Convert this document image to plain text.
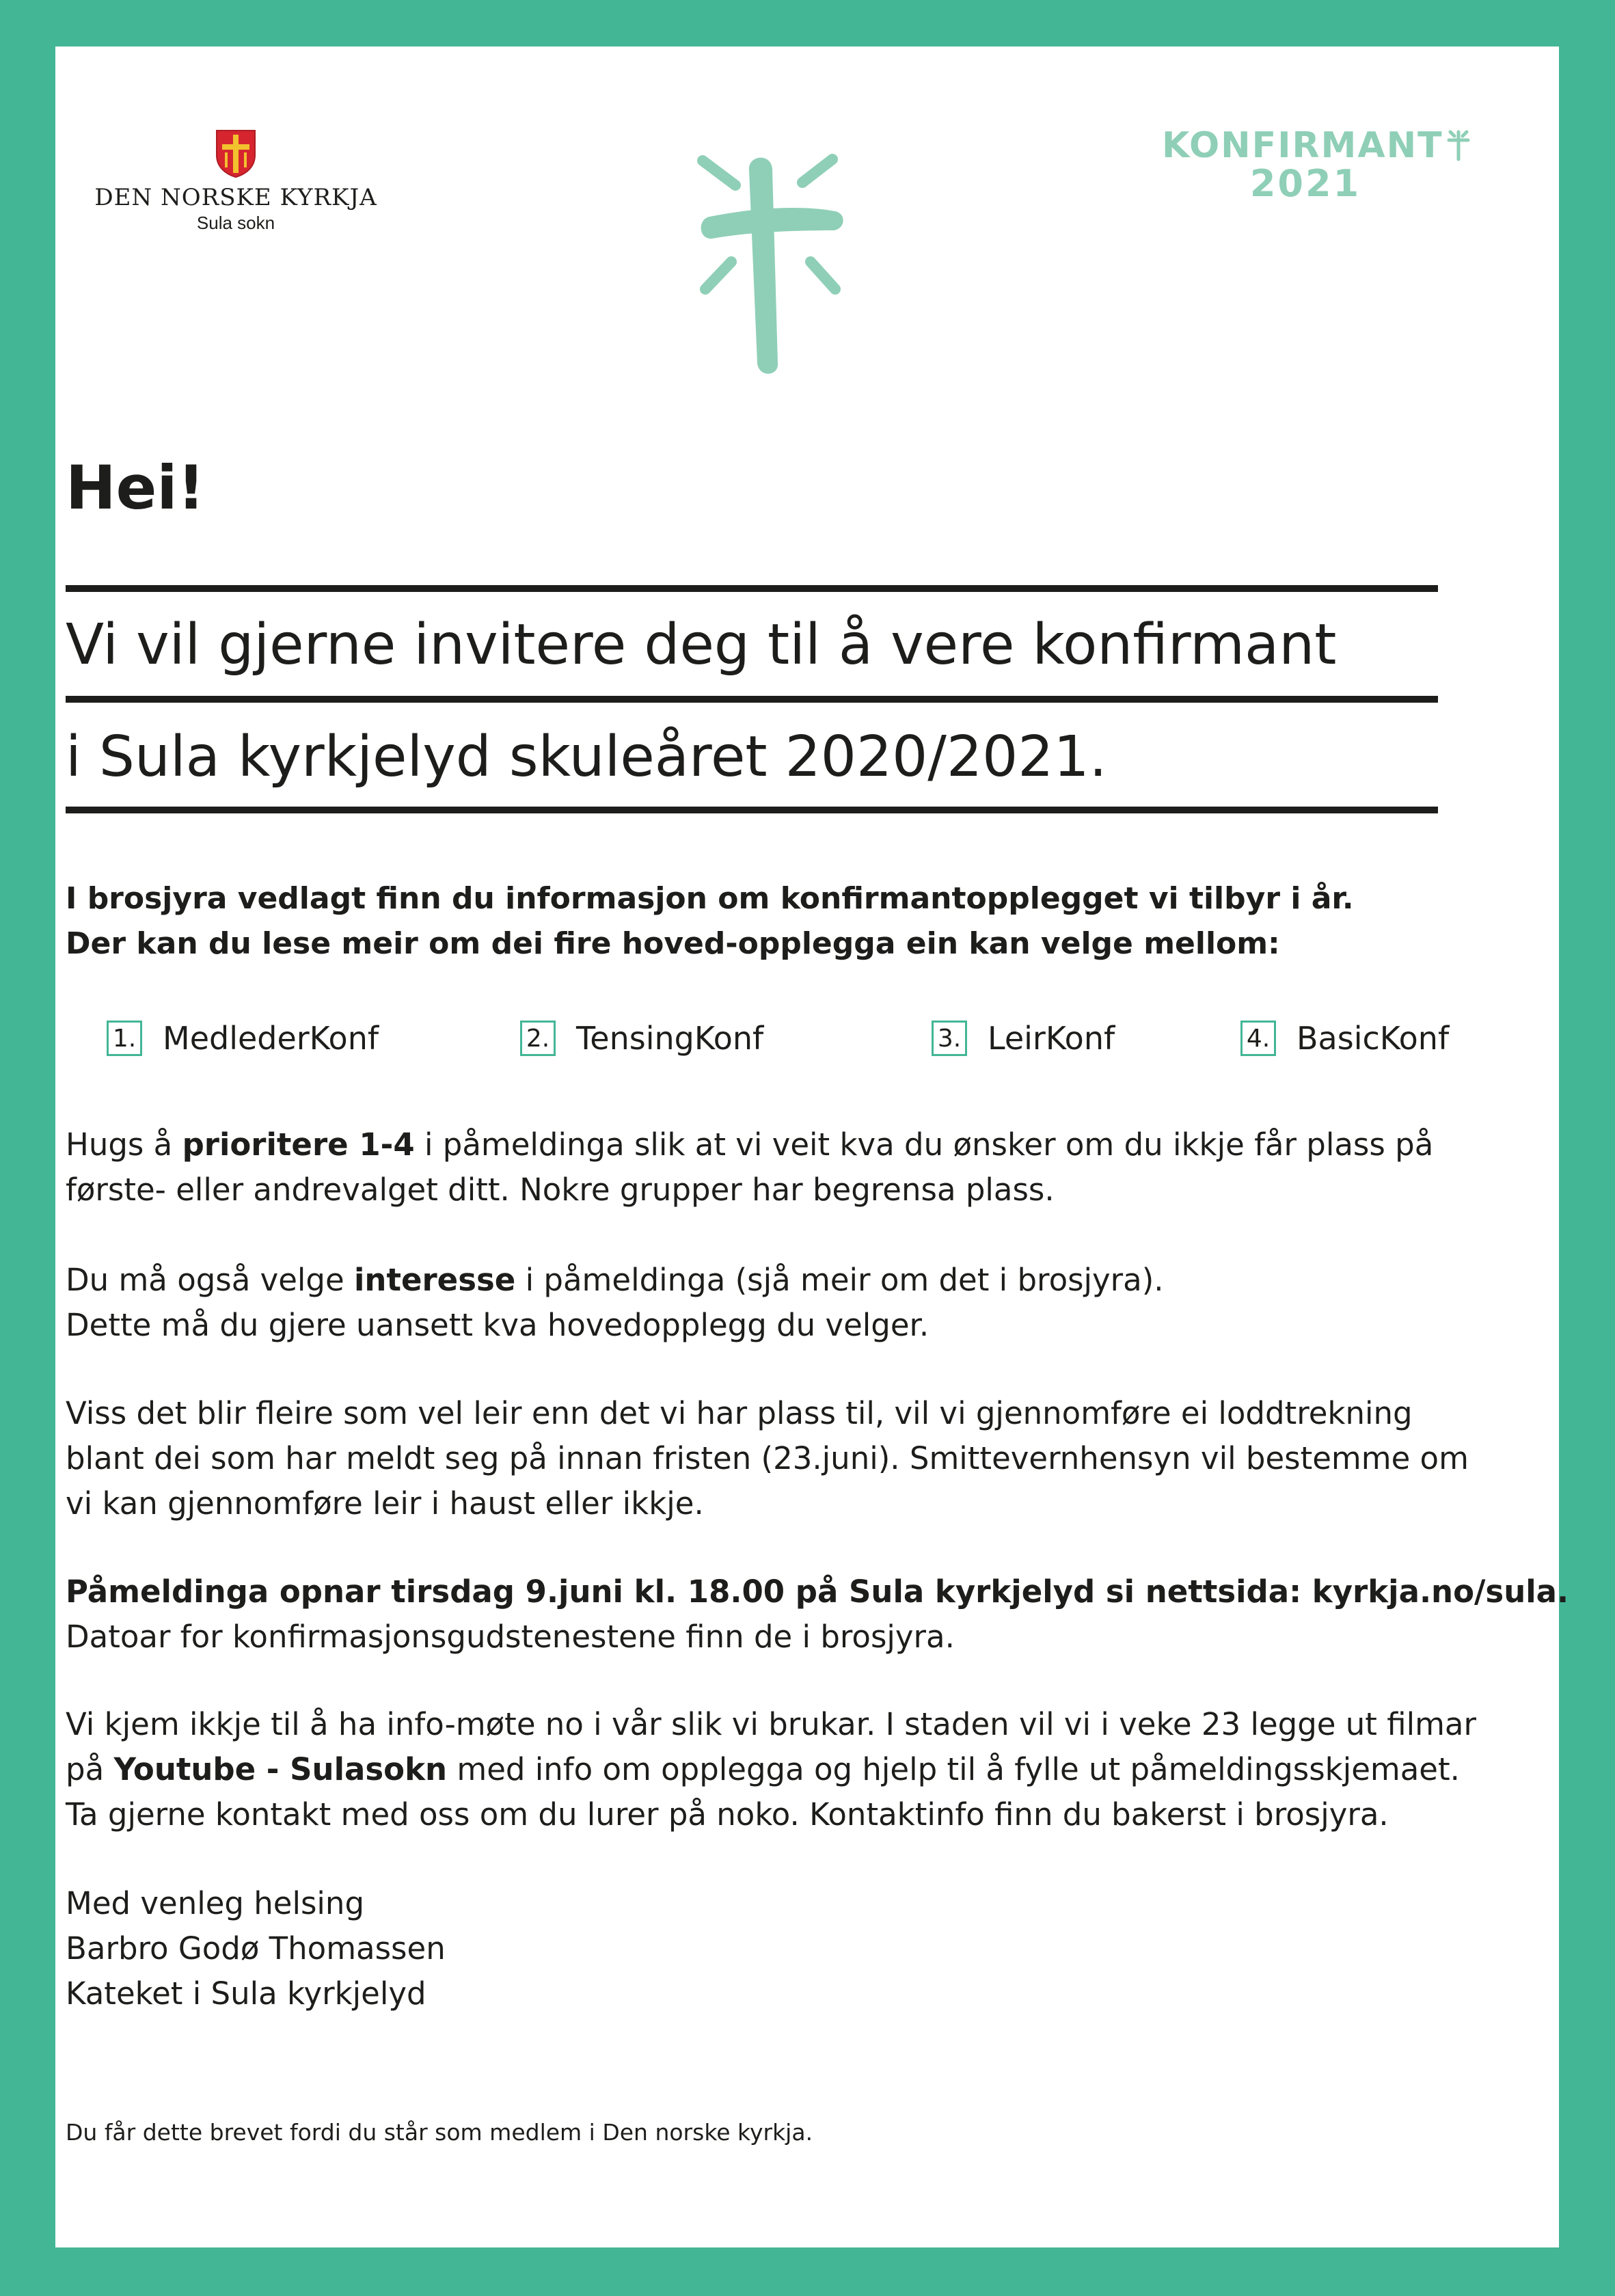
DEN NORSKE KYRKJA
Sula sokn
KONFIRMANT
2021
Hei!
Vi vil gjerne invitere deg til å vere konfirmant
i Sula kyrkjelyd skuleåret 2020/2021.
I brosjyra vedlagt finn du informasjon om konfirmantopplegget vi tilbyr i år.
Der kan du lese meir om dei fire hoved-opplegga ein kan velge mellom:
1. MedlederKonf	2. TensingKonf	3. LeirKonf	4. BasicKonf
Hugs å prioritere 1-4 i påmeldinga slik at vi veit kva du ønsker om du ikkje får plass på
første- eller andrevalget ditt. Nokre grupper har begrensa plass.
Du må også velge interesse i påmeldinga (sjå meir om det i brosjyra).
Dette må du gjere uansett kva hovedopplegg du velger.
Viss det blir fleire som vel leir enn det vi har plass til, vil vi gjennomføre ei loddtrekning
blant dei som har meldt seg på innan fristen (23.juni). Smittevernhensyn vil bestemme om
vi kan gjennomføre leir i haust eller ikkje.
Påmeldinga opnar tirsdag 9.juni kl. 18.00 på Sula kyrkjelyd si nettsida: kyrkja.no/sula.
Datoar for konfirmasjonsgudstenestene finn de i brosjyra.
Vi kjem ikkje til å ha info-møte no i vår slik vi brukar. I staden vil vi i veke 23 legge ut filmar
på Youtube - Sulasokn med info om opplegga og hjelp til å fylle ut påmeldingsskjemaet.
Ta gjerne kontakt med oss om du lurer på noko. Kontaktinfo finn du bakerst i brosjyra.
Med venleg helsing
Barbro Godø Thomassen
Kateket i Sula kyrkjelyd
Du får dette brevet fordi du står som medlem i Den norske kyrkja.
